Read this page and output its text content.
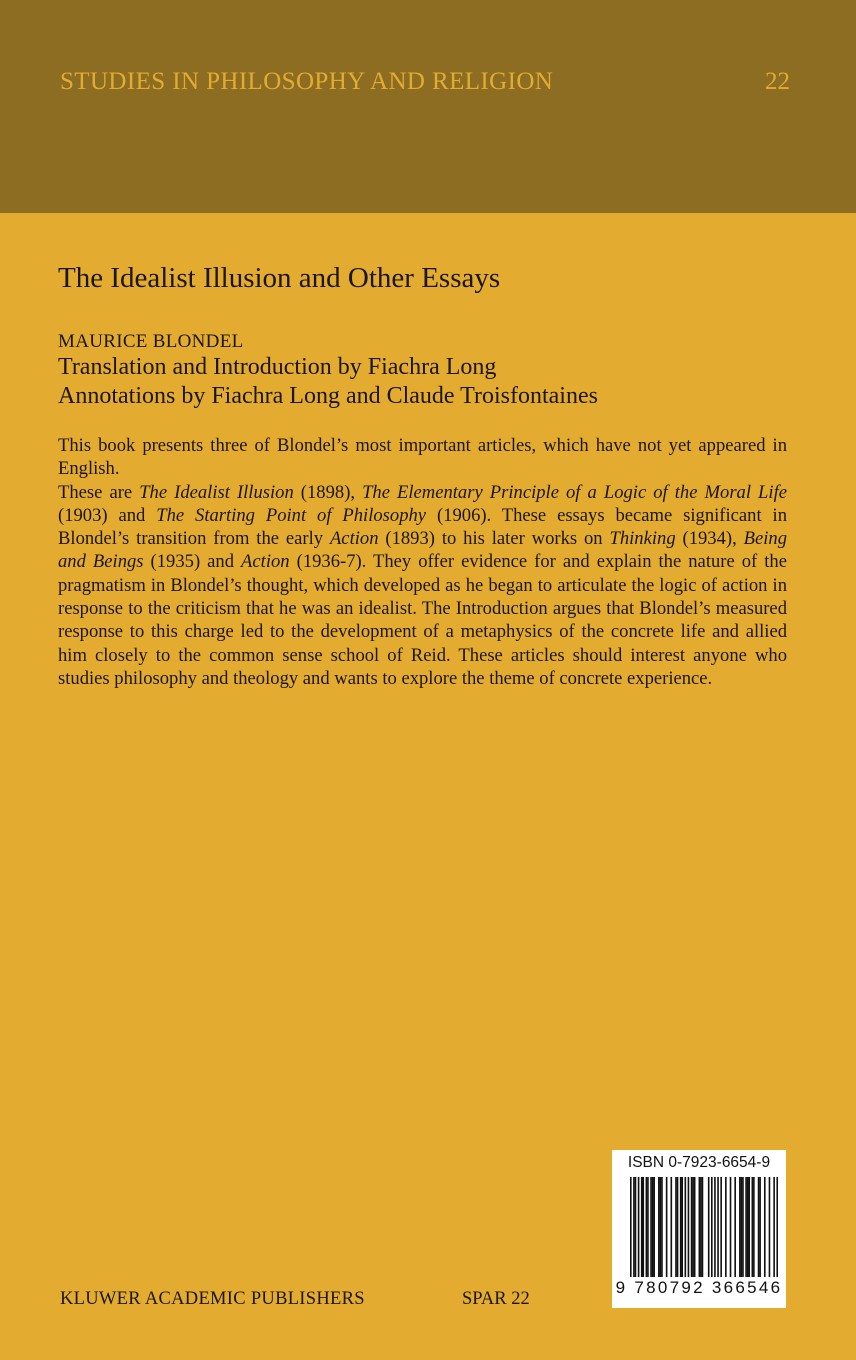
STUDIES IN PHILOSOPHY AND RELIGION	22
The Idealist Illusion and Other Essays
MAURICE BLONDEL
Translation and Introduction by Fiachra Long
Annotations by Fiachra Long and Claude Troisfontaines

This book presents three of Blondel’s most important articles, which have not yet appeared in English.

These are The Idealist Illusion (1898), The Elementary Principle of a Logic of the Moral Life (1903) and The Starting Point of Philosophy (1906). These essays became significant in Blondel’s transition from the early Action (1893) to his later works on Thinking (1934), Being and Beings (1935) and Action (1936-7). They offer evidence for and explain the nature of the pragmatism in Blondel’s thought, which developed as he began to articulate the logic of action in response to the criticism that he was an idealist. The Introduction argues that Blondel’s measured response to this charge led to the development of a metaphysics of the concrete life and allied him closely to the common sense school of Reid. These articles should interest anyone who studies philosophy and theology and wants to explore the theme of concrete experience.

KLUWER ACADEMIC PUBLISHERS	SPAR 22
ISBN 0-7923-6654-9
9 780792 366546
